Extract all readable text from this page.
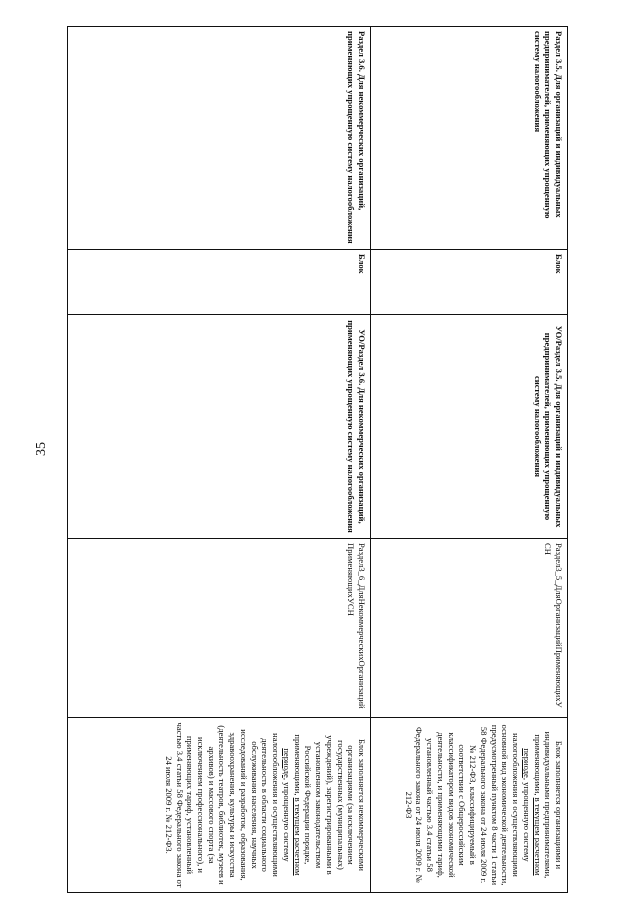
35
Раздел 3.5. Для организаций и индивидуальных предпринимателей, применяющих упрощенную систему налогообложения	Блок	УО/Раздел 3.5. Для организаций и индивидуальных предпринимателей, применяющих упрощенную систему налогообложения	Раздел3_5_ДляОрганизацийПрименяющихУСН	Блок заполняется организациями и индивидуальными предпринимателями, применяющими, в текущем расчетном периоде, упрощенную систему налогообложения и осуществляющими основной вид экономической деятельности, предусмотренный пунктом 8 части 1 статьи 58 Федерального закона от 24 июля 2009 г. № 212-ФЗ, классифицируемый в соответствии с Общероссийским классификатором видов экономической деятельности, и применяющими тариф, установленный частью 3.4 статьи 58 Федерального закона от 24 июля 2009 г. № 212-ФЗ
Раздел 3.6. Для некоммерческих организаций, применяющих упрощенную систему налогообложения	Блок	УО/Раздел 3.6. Для некоммерческих организаций, применяющих упрощенную систему налогообложения	Раздел3_6_ДляНекоммерческихОрганизацийПрименяющихУСН	Блок заполняется некоммерческими организациями (за исключением государственных (муниципальных) учреждений), зарегистрированными в установленном законодательством Российской Федерации порядке, применяющими, в текущем расчетном периоде, упрощенную систему налогообложения и осуществляющими деятельность в области социального обслуживания населения, научных исследований и разработок, образования, здравоохранения, культуры и искусства (деятельность театров, библиотек, музеев и архивов) и массового спорта (за исключением профессионального), и применяющих тариф, установленный частью 3.4 статьи 58 Федерального закона от 24 июля 2009 г. № 212-ФЗ.
